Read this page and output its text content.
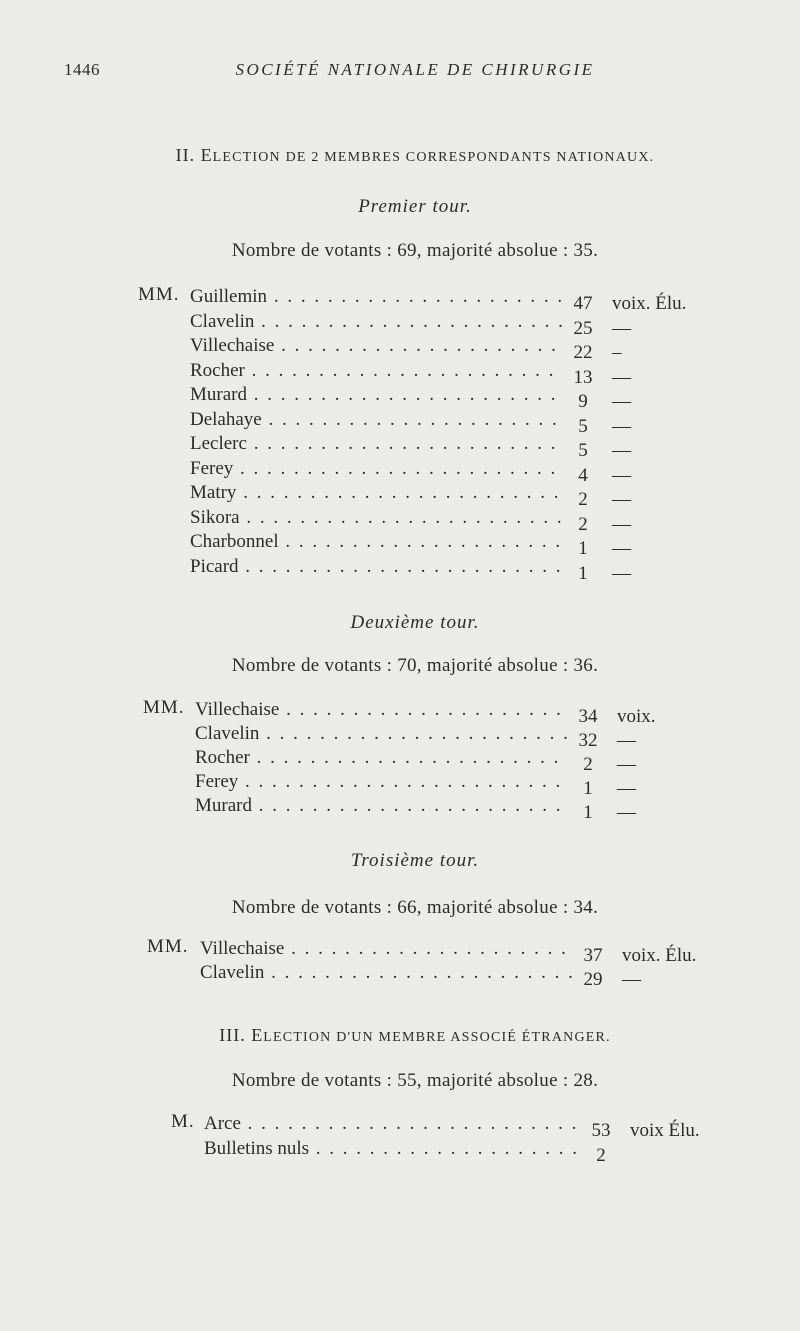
1446	SOCIÉTÉ NATIONALE DE CHIRURGIE
II. ELECTION DE 2 MEMBRES CORRESPONDANTS NATIONAUX.
Premier tour.
Nombre de votants : 69, majorité absolue : 35.
MM. Guillemin . . .	47 voix. Élu.
Clavelin . . .	25 —
Villechaise . . .	22 –
Rocher . . .	13 —
Murard . . .	9 —
Delahaye . . .	5 —
Leclerc . . .	5 —
Ferey . . .	4 —
Matry . . .	2 —
Sikora . . .	2 —
Charbonnel . . .	1 —
Picard . . .	1 —
Deuxième tour.
Nombre de votants : 70, majorité absolue : 36.
MM. Villechaise . . .	34 voix.
Clavelin . . .	32 —
Rocher . . .	2 —
Ferey . . .	1 —
Murard . . .	1 —
Troisième tour.
Nombre de votants : 66, majorité absolue : 34.
MM. Villechaise . . .	37 voix. Élu.
Clavelin . . .	29 —
III. ELECTION D'UN MEMBRE ASSOCIÉ ÉTRANGER.
Nombre de votants : 55, majorité absolue : 28.
M. Arce . . .	53 voix Élu.
Bulletins nuls . . .	2
